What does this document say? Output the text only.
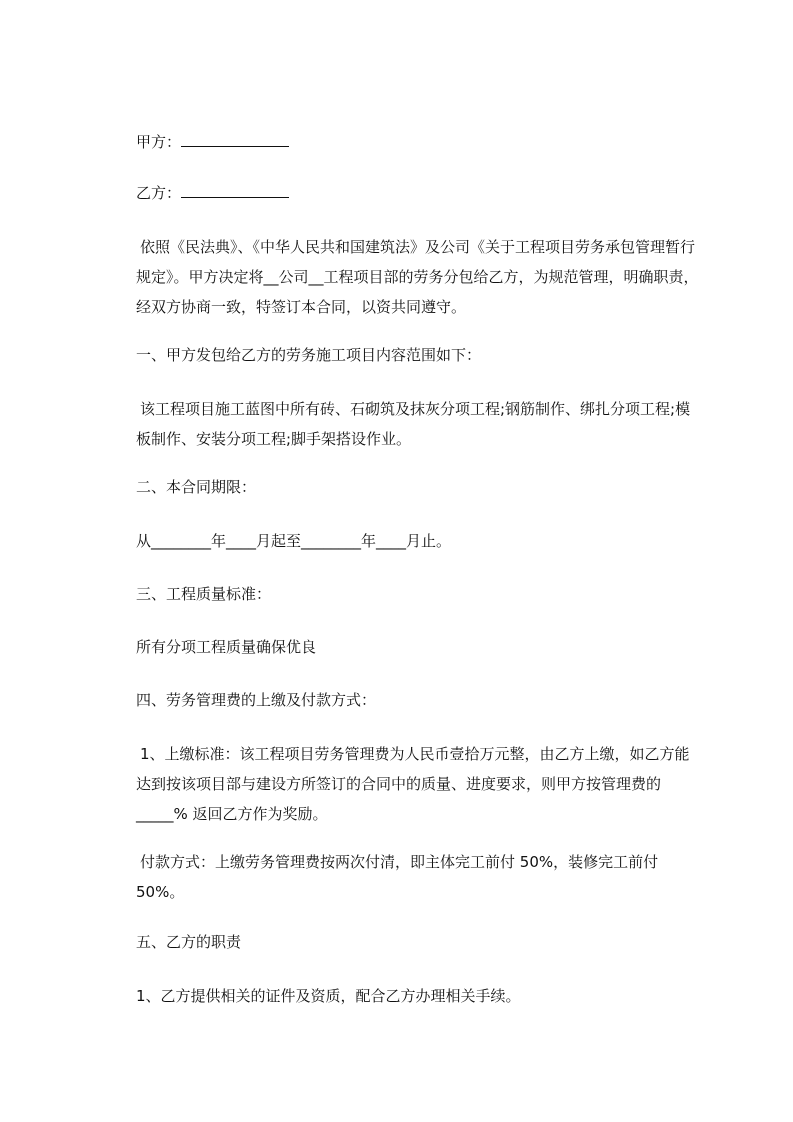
甲方：

乙方：

依照《民法典》、《中华人民共和国建筑法》及公司《关于工程项目劳务承包管理暂行规定》。甲方决定将__公司__工程项目部的劳务分包给乙方，为规范管理，明确职责，经双方协商一致，特签订本合同，以资共同遵守。

一、甲方发包给乙方的劳务施工项目内容范围如下：

该工程项目施工蓝图中所有砖、石砌筑及抹灰分项工程;钢筋制作、绑扎分项工程;模板制作、安装分项工程;脚手架搭设作业。

二、本合同期限：

从________年____月起至________年____月止。

三、工程质量标准：

所有分项工程质量确保优良

四、劳务管理费的上缴及付款方式：

1、上缴标准：该工程项目劳务管理费为人民币壹拾万元整，由乙方上缴，如乙方能达到按该项目部与建设方所签订的合同中的质量、进度要求，则甲方按管理费的_____% 返回乙方作为奖励。

付款方式：上缴劳务管理费按两次付清，即主体完工前付 50%，装修完工前付 50%。

五、乙方的职责

1、乙方提供相关的证件及资质，配合乙方办理相关手续。
